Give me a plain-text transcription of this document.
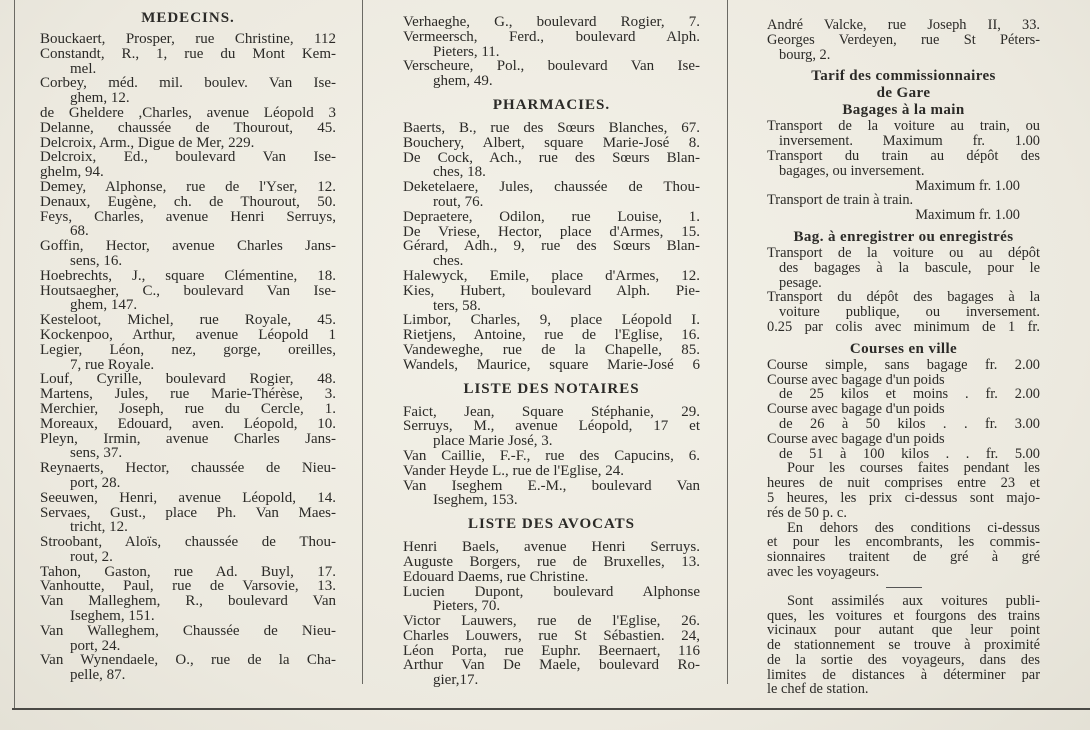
MEDECINS.
Bouckaert, Prosper, rue Christine, 112
Constandt, R., 1, rue du Mont Kem-
mel.
Corbey, méd. mil. boulev. Van Ise-
ghem, 12.
de Gheldere ,Charles, avenue Léopold 3
Delanne, chaussée de Thourout, 45.
Delcroix, Arm., Digue de Mer, 229.
Delcroix, Ed., boulevard Van Ise-
ghelm, 94.
Demey, Alphonse, rue de l'Yser, 12.
Denaux, Eugène, ch. de Thourout, 50.
Feys, Charles, avenue Henri Serruys,
68.
Goffin, Hector, avenue Charles Jans-
sens, 16.
Hoebrechts, J., square Clémentine, 18.
Houtsaegher, C., boulevard Van Ise-
ghem, 147.
Kesteloot, Michel, rue Royale, 45.
Kockenpoo, Arthur, avenue Léopold 1
Legier, Léon, nez, gorge, oreilles,
7, rue Royale.
Louf, Cyrille, boulevard Rogier, 48.
Martens, Jules, rue Marie-Thérèse, 3.
Merchier, Joseph, rue du Cercle, 1.
Moreaux, Edouard, aven. Léopold, 10.
Pleyn, Irmin, avenue Charles Jans-
sens, 37.
Reynaerts, Hector, chaussée de Nieu-
port, 28.
Seeuwen, Henri, avenue Léopold, 14.
Servaes, Gust., place Ph. Van Maes-
tricht, 12.
Stroobant, Aloïs, chaussée de Thou-
rout, 2.
Tahon, Gaston, rue Ad. Buyl, 17.
Vanhoutte, Paul, rue de Varsovie, 13.
Van Malleghem, R., boulevard Van
Iseghem, 151.
Van Walleghem, Chaussée de Nieu-
port, 24.
Van Wynendaele, O., rue de la Cha-
pelle, 87.
Verhaeghe, G., boulevard Rogier, 7.
Vermeersch, Ferd., boulevard Alph.
Pieters, 11.
Verscheure, Pol., boulevard Van Ise-
ghem, 49.
PHARMACIES.
Baerts, B., rue des Sœurs Blanches, 67.
Bouchery, Albert, square Marie-José 8.
De Cock, Ach., rue des Sœurs Blan-
ches, 18.
Deketelaere, Jules, chaussée de Thou-
rout, 76.
Depraetere, Odilon, rue Louise, 1.
De Vriese, Hector, place d'Armes, 15.
Gérard, Adh., 9, rue des Sœurs Blan-
ches.
Halewyck, Emile, place d'Armes, 12.
Kies, Hubert, boulevard Alph. Pie-
ters, 58.
Limbor, Charles, 9, place Léopold I.
Rietjens, Antoine, rue de l'Eglise, 16.
Vandeweghe, rue de la Chapelle, 85.
Wandels, Maurice, square Marie-José 6
LISTE DES NOTAIRES
Faict, Jean, Square Stéphanie, 29.
Serruys, M., avenue Léopold, 17 et
place Marie José, 3.
Van Caillie, F.-F., rue des Capucins, 6.
Vander Heyde L., rue de l'Eglise, 24.
Van Iseghem E.-M., boulevard Van
Iseghem, 153.
LISTE DES AVOCATS
Henri Baels, avenue Henri Serruys.
Auguste Borgers, rue de Bruxelles, 13.
Edouard Daems, rue Christine.
Lucien Dupont, boulevard Alphonse
Pieters, 70.
Victor Lauwers, rue de l'Eglise, 26.
Charles Louwers, rue St Sébastien. 24,
Léon Porta, rue Euphr. Beernaert, 116
Arthur Van De Maele, boulevard Ro-
gier,17.
André Valcke, rue Joseph II, 33.
Georges Verdeyen, rue St Péters-
bourg, 2.
Tarif des commissionnaires
de Gare
Bagages à la main
Transport de la voiture au train, ou
inversement. Maximum fr. 1.00
Transport du train au dépôt des
bagages, ou inversement.
Maximum fr. 1.00
Transport de train à train.
Maximum fr. 1.00
Bag. à enregistrer ou enregistrés
Transport de la voiture ou au dépôt
des bagages à la bascule, pour le
pesage.
Transport du dépôt des bagages à la
voiture publique, ou inversement.
0.25 par colis avec minimum de 1 fr.
Courses en ville
Course simple, sans bagage fr. 2.00
Course avec bagage d'un poids
de 25 kilos et moins . fr. 2.00
Course avec bagage d'un poids
de 26 à 50 kilos . . fr. 3.00
Course avec bagage d'un poids
de 51 à 100 kilos . . fr. 5.00
Pour les courses faites pendant les
heures de nuit comprises entre 23 et
5 heures, les prix ci-dessus sont majo-
rés de 50 p. c.
En dehors des conditions ci-dessus
et pour les encombrants, les commis-
sionnaires traitent de gré à gré
avec les voyageurs.
Sont assimilés aux voitures publi-
ques, les voitures et fourgons des trains
vicinaux pour autant que leur point
de stationnement se trouve à proximité
de la sortie des voyageurs, dans des
limites de distances à déterminer par
le chef de station.
